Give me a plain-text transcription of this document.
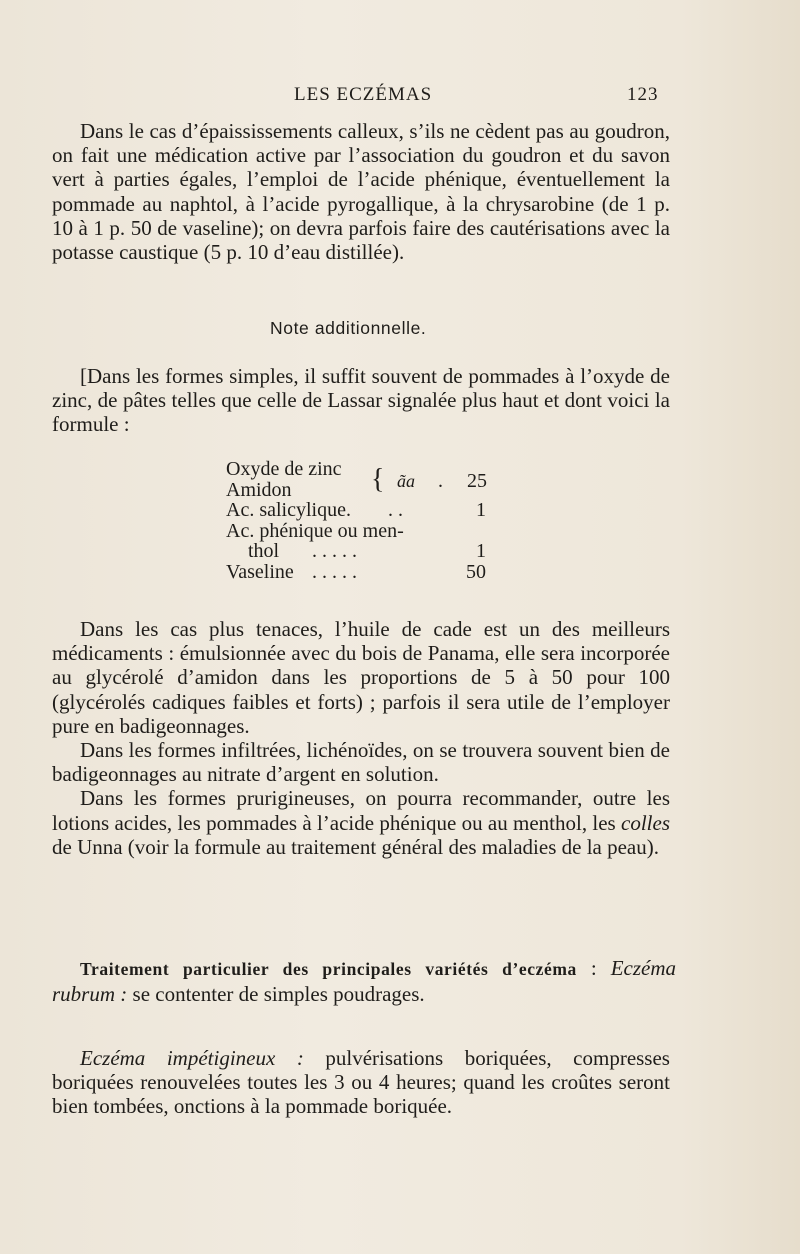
LES ECZÉMAS	123

Dans le cas d’épaississements calleux, s’ils ne cèdent pas au goudron, on fait une médication active par l’association du goudron et du savon vert à parties égales, l’emploi de l’acide phénique, éventuellement la pommade au naphtol, à l’acide pyrogallique, à la chrysarobine (de 1 p. 10 à 1 p. 50 de vaseline); on devra parfois faire des cautérisations avec la potasse caustique (5 p. 10 d’eau distillée).

Note additionnelle.

[Dans les formes simples, il suffit souvent de pommades à l’oxyde de zinc, de pâtes telles que celle de Lassar signalée plus haut et dont voici la formule :

Oxyde de zinc
Amidon	{ ãa . 25
Ac. salicylique. . .	1
Ac. phénique ou men-
thol . . . . .	1
Vaseline . . . . .	50

Dans les cas plus tenaces, l’huile de cade est un des meilleurs médicaments : émulsionnée avec du bois de Panama, elle sera incorporée au glycérolé d’amidon dans les proportions de 5 à 50 pour 100 (glycérolés cadiques faibles et forts) ; parfois il sera utile de l’employer pure en badigeonnages.

Dans les formes infiltrées, lichénoïdes, on se trouvera souvent bien de badigeonnages au nitrate d’argent en solution.

Dans les formes prurigineuses, on pourra recommander, outre les lotions acides, les pommades à l’acide phénique ou au menthol, les colles de Unna (voir la formule au traitement général des maladies de la peau).

Traitement particulier des principales variétés d’eczéma : Eczéma rubrum : se contenter de simples poudrages.

Eczéma impétigineux : pulvérisations boriquées, compresses boriquées renouvelées toutes les 3 ou 4 heures; quand les croûtes seront bien tombées, onctions à la pommade boriquée.
